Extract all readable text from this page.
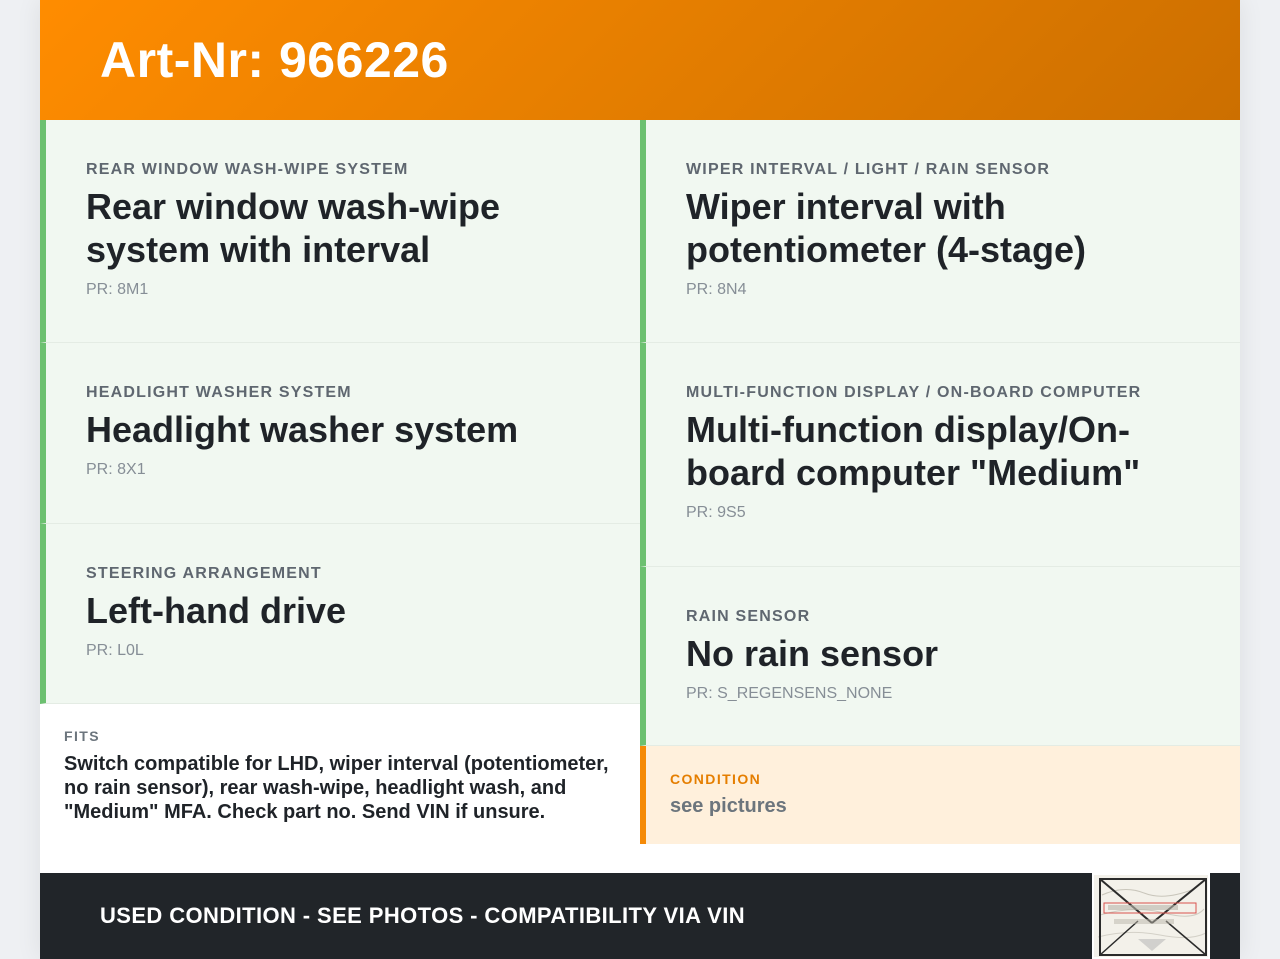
Art-Nr: 966226
REAR WINDOW WASH-WIPE SYSTEM
Rear window wash-wipe system with interval
PR: 8M1
HEADLIGHT WASHER SYSTEM
Headlight washer system
PR: 8X1
STEERING ARRANGEMENT
Left-hand drive
PR: L0L
FITS
Switch compatible for LHD, wiper interval (potentiometer, no rain sensor), rear wash-wipe, headlight wash, and "Medium" MFA. Check part no. Send VIN if unsure.
WIPER INTERVAL / LIGHT / RAIN SENSOR
Wiper interval with potentiometer (4-stage)
PR: 8N4
MULTI-FUNCTION DISPLAY / ON-BOARD COMPUTER
Multi-function display/On-board computer "Medium"
PR: 9S5
RAIN SENSOR
No rain sensor
PR: S_REGENSENS_NONE
CONDITION
see pictures
USED CONDITION - SEE PHOTOS - COMPATIBILITY VIA VIN
